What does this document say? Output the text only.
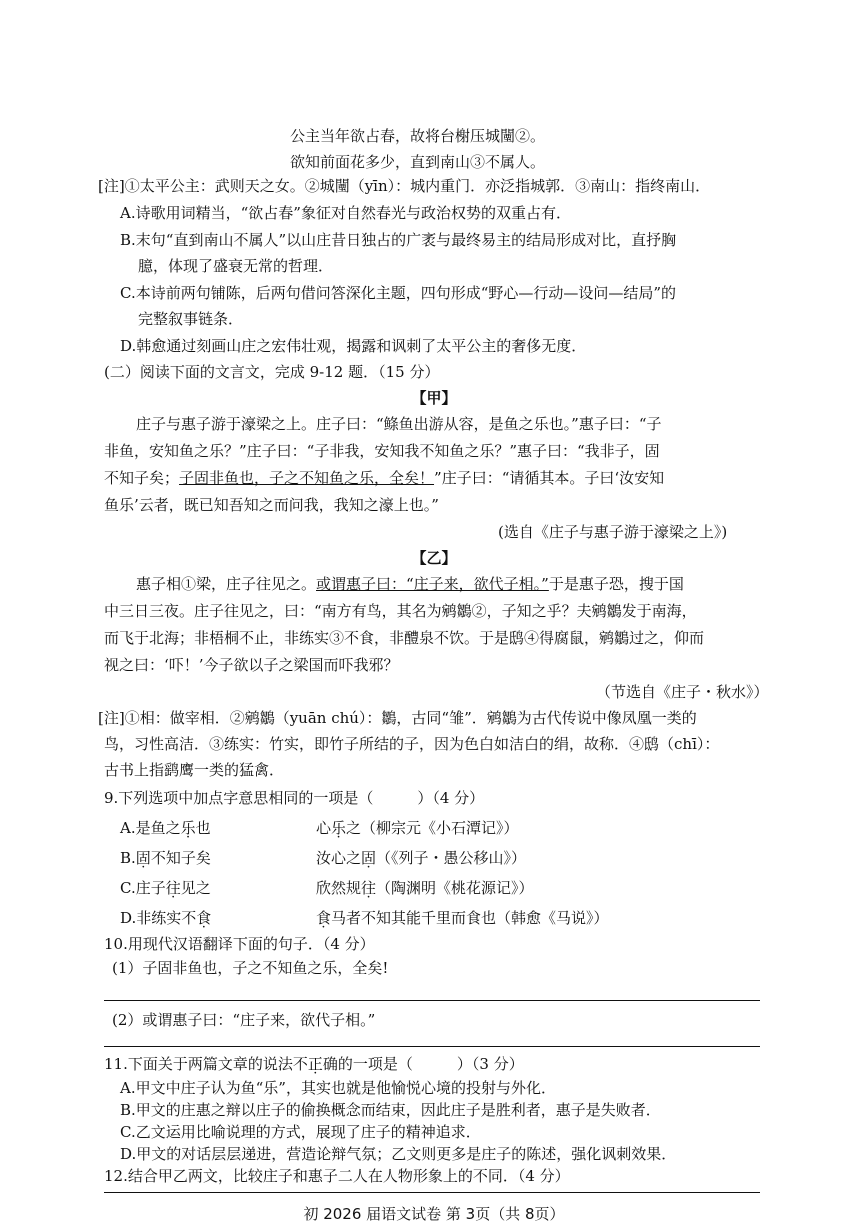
公主当年欲占春，故将台榭压城闉②。
欲知前面花多少，直到南山③不属人。
[注]①太平公主：武则天之女。②城闉（yīn）：城内重门．亦泛指城郭．③南山：指终南山．
A.诗歌用词精当，“欲占春”象征对自然春光与政治权势的双重占有．
B.末句“直到南山不属人”以山庄昔日独占的广袤与最终易主的结局形成对比，直抒胸
臆，体现了盛衰无常的哲理．
C.本诗前两句铺陈，后两句借问答深化主题，四句形成“野心—行动—设问—结局”的
完整叙事链条．
D.韩愈通过刻画山庄之宏伟壮观，揭露和讽刺了太平公主的奢侈无度．
(二）阅读下面的文言文，完成 9-12 题．（15 分）
【甲】
庄子与惠子游于濠梁之上。庄子曰：“鲦鱼出游从容，是鱼之乐也。”惠子曰：“子
非鱼，安知鱼之乐？”庄子曰：“子非我，安知我不知鱼之乐？”惠子曰：“我非子，固
不知子矣；子固非鱼也，子之不知鱼之乐，全矣！”庄子曰：“请循其本。子曰‘汝安知
鱼乐’云者，既已知吾知之而问我，我知之濠上也。”
(选自《庄子与惠子游于濠梁之上》)
【乙】
惠子相①梁，庄子往见之。或谓惠子曰：“庄子来，欲代子相。”于是惠子恐，搜于国
中三日三夜。庄子往见之，曰：“南方有鸟，其名为鹓鶵②，子知之乎？夫鹓鶵发于南海，
而飞于北海；非梧桐不止，非练实③不食，非醴泉不饮。于是鸱④得腐鼠，鹓鶵过之，仰而
视之曰：‘吓！’今子欲以子之梁国而吓我邪？
（节选自《庄子・秋水》）
[注]①相：做宰相．②鹓鶵（yuān chú）：鶵，古同“雏”．鹓鶵为古代传说中像凤凰一类的
鸟，习性高洁．③练实：竹实，即竹子所结的子，因为色白如洁白的绢，故称．④鸱（chī）：
古书上指鹞鹰一类的猛禽．
9.下列选项中加点字意思相同的一项是（	）（4 分）
A.是鱼之乐也	心乐之（柳宗元《小石潭记》）
B.固不知子矣	汝心之固（《列子・愚公移山》）
C.庄子往见之	欣然规往（陶渊明《桃花源记》）
D.非练实不食	食马者不知其能千里而食也（韩愈《马说》）
10.用现代汉语翻译下面的句子．（4 分）
(1）子固非鱼也，子之不知鱼之乐，全矣!
(2）或谓惠子曰：“庄子来，欲代子相。”
11.下面关于两篇文章的说法不正确的一项是（	）（3 分）
A.甲文中庄子认为鱼“乐”，其实也就是他愉悦心境的投射与外化．
B.甲文的庄惠之辩以庄子的偷换概念而结束，因此庄子是胜利者，惠子是失败者．
C.乙文运用比喻说理的方式，展现了庄子的精神追求．
D.甲文的对话层层递进，营造论辩气氛；乙文则更多是庄子的陈述，强化讽刺效果．
12.结合甲乙两文，比较庄子和惠子二人在人物形象上的不同．（4 分）
初 2026 届语文试卷 第 3页（共 8页）
